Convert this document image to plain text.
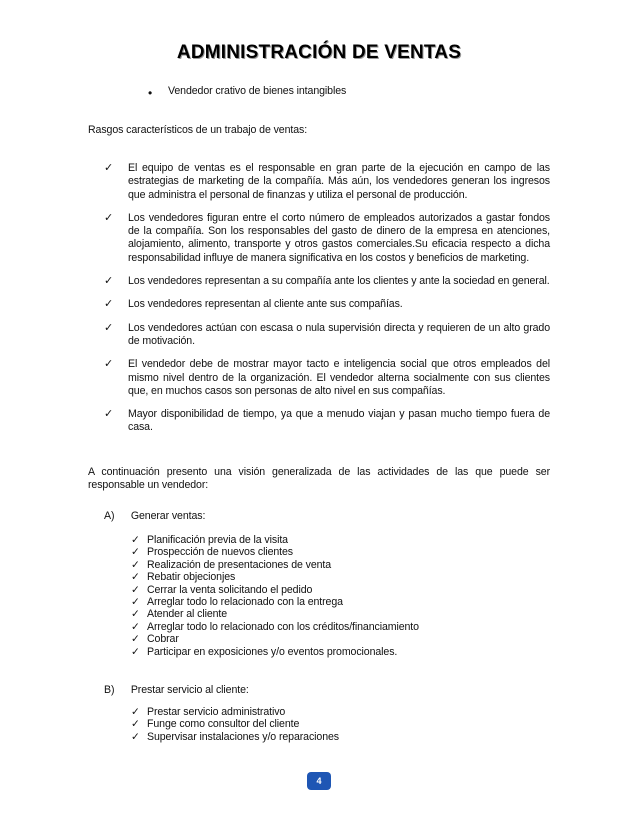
ADMINISTRACIÓN DE VENTAS
• Vendedor crativo de bienes intangibles
Rasgos característicos de un trabajo de ventas:
✓ El equipo de ventas es el responsable en gran parte de la ejecución en campo de las estrategias de marketing de la compañía. Más aún, los vendedores generan los ingresos que administra el personal de finanzas y utiliza el personal de producción.
✓ Los vendedores figuran entre el corto número de empleados autorizados a gastar fondos de la compañía. Son los responsables del gasto de dinero de la empresa en atenciones, alojamiento, alimento, transporte y otros gastos comerciales.Su eficacia respecto a dicha responsabilidad influye de manera significativa en los costos y beneficios de marketing.
✓ Los vendedores representan a su compañía ante los clientes y ante la sociedad en general.
✓ Los vendedores representan al cliente ante sus compañías.
✓ Los vendedores actúan con escasa o nula supervisión directa y requieren de un alto grado de motivación.
✓ El vendedor debe de mostrar mayor tacto e inteligencia social que otros empleados del mismo nivel dentro de la organización. El vendedor alterna socialmente con sus clientes que, en muchos casos son personas de alto nivel en sus compañías.
✓ Mayor disponibilidad de tiempo, ya que a menudo viajan y pasan mucho tiempo fuera de casa.
A continuación presento una visión generalizada de las actividades de las que puede ser responsable un vendedor:
A) Generar ventas:
✓ Planificación previa de la visita
✓ Prospección de nuevos clientes
✓ Realización de presentaciones de venta
✓ Rebatir objecionjes
✓ Cerrar la venta solicitando el pedido
✓ Arreglar todo lo relacionado con la entrega
✓ Atender al cliente
✓ Arreglar todo lo relacionado con los créditos/financiamiento
✓ Cobrar
✓ Participar en exposiciones y/o eventos promocionales.
B) Prestar servicio al cliente:
✓ Prestar servicio administrativo
✓ Funge como consultor del cliente
✓ Supervisar instalaciones y/o reparaciones
4
